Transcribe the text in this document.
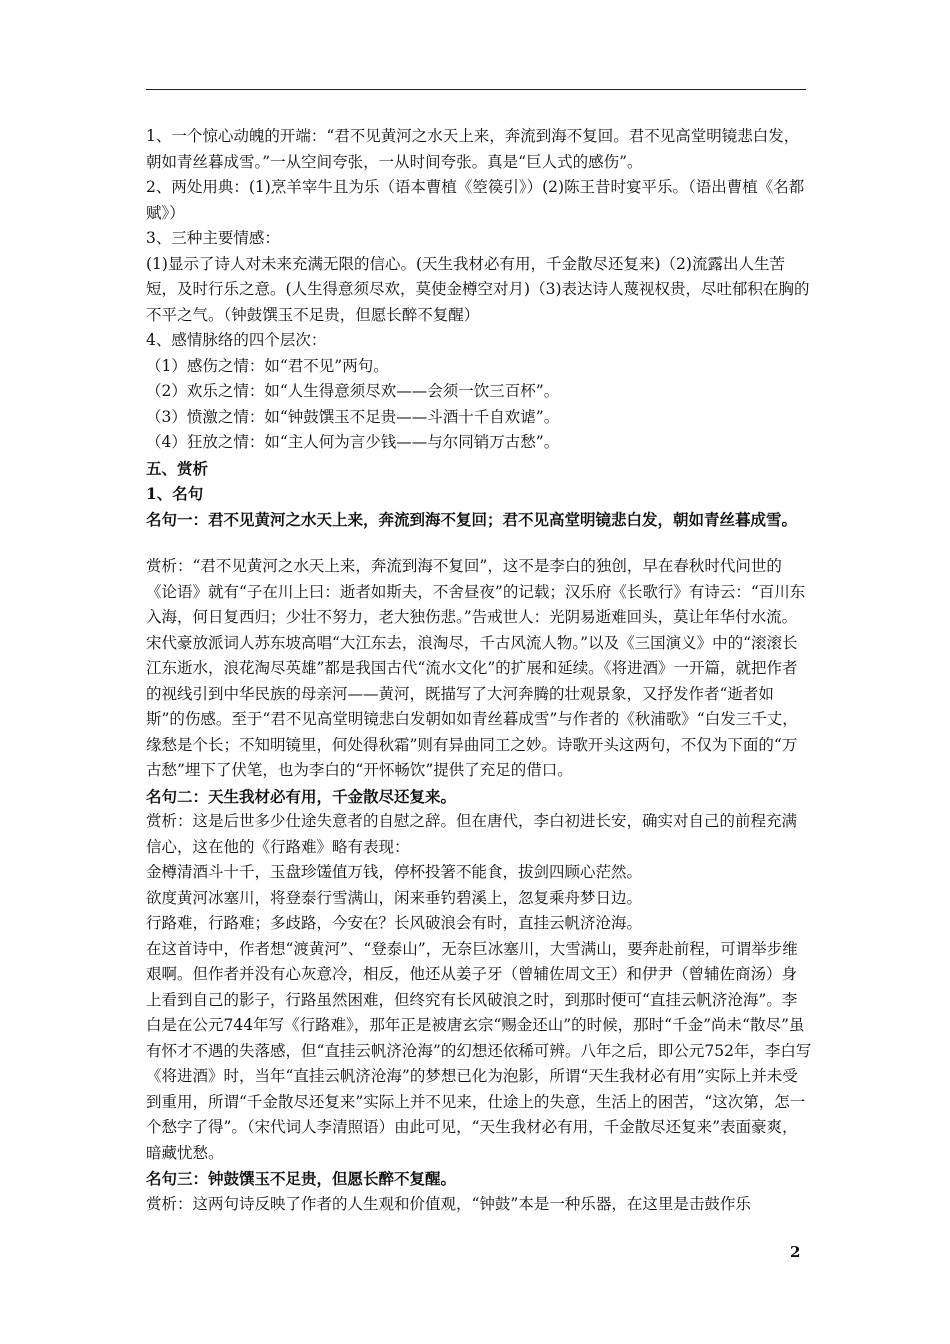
1、一个惊心动魄的开端：“君不见黄河之水天上来，奔流到海不复回。君不见高堂明镜悲白发，朝如青丝暮成雪。”一从空间夸张，一从时间夸张。真是“巨人式的感伤”。

2、两处用典：(1)烹羊宰牛且为乐（语本曹植《箜篌引》）(2)陈王昔时宴平乐。（语出曹植《名都赋》）

3、三种主要情感：

(1)显示了诗人对未来充满无限的信心。(天生我材必有用，千金散尽还复来)（2)流露出人生苦短，及时行乐之意。(人生得意须尽欢，莫使金樽空对月)（3)表达诗人蔑视权贵，尽吐郁积在胸的不平之气。（钟鼓馔玉不足贵，但愿长醉不复醒）

4、感情脉络的四个层次：

（1）感伤之情：如“君不见”两句。

（2）欢乐之情：如“人生得意须尽欢——会须一饮三百杯”。

（3）愤激之情：如“钟鼓馔玉不足贵——斗酒十千自欢谑”。

（4）狂放之情：如“主人何为言少钱——与尔同销万古愁”。

五、赏析

1、名句

名句一：君不见黄河之水天上来，奔流到海不复回；君不见高堂明镜悲白发，朝如青丝暮成雪。

赏析：“君不见黄河之水天上来，奔流到海不复回”，这不是李白的独创，早在春秋时代问世的《论语》就有“子在川上曰：逝者如斯夫，不舍昼夜”的记载；汉乐府《长歌行》有诗云：“百川东入海，何日复西归；少壮不努力，老大独伤悲。”告戒世人：光阴易逝难回头，莫让年华付水流。宋代豪放派词人苏东坡高唱“大江东去，浪淘尽，千古风流人物。”以及《三国演义》中的“滚滚长江东逝水，浪花淘尽英雄”都是我国古代“流水文化”的扩展和延续。《将进酒》一开篇，就把作者的视线引到中华民族的母亲河——黄河，既描写了大河奔腾的壮观景象，又抒发作者“逝者如斯”的伤感。至于“君不见高堂明镜悲白发朝如如青丝暮成雪”与作者的《秋浦歌》“白发三千丈，缘愁是个长；不知明镜里，何处得秋霜”则有异曲同工之妙。诗歌开头这两句，不仅为下面的“万古愁”埋下了伏笔，也为李白的“开怀畅饮”提供了充足的借口。

名句二：天生我材必有用，千金散尽还复来。

赏析：这是后世多少仕途失意者的自慰之辞。但在唐代，李白初进长安，确实对自己的前程充满信心，这在他的《行路难》略有表现：

金樽清酒斗十千，玉盘珍馐值万钱，停杯投箸不能食，拔剑四顾心茫然。

欲度黄河冰塞川，将登泰行雪满山，闲来垂钓碧溪上，忽复乘舟梦日边。

行路难，行路难；多歧路，今安在？长风破浪会有时，直挂云帆济沧海。

在这首诗中，作者想“渡黄河”、“登泰山”，无奈巨冰塞川，大雪满山，要奔赴前程，可谓举步维艰啊。但作者并没有心灰意冷，相反，他还从姜子牙（曾辅佐周文王）和伊尹（曾辅佐商汤）身上看到自己的影子，行路虽然困难，但终究有长风破浪之时，到那时便可“直挂云帆济沧海”。李白是在公元744年写《行路难》，那年正是被唐玄宗“赐金还山”的时候，那时“千金”尚未“散尽”虽有怀才不遇的失落感，但“直挂云帆济沧海”的幻想还依稀可辨。八年之后，即公元752年，李白写《将进酒》时，当年“直挂云帆济沧海”的梦想已化为泡影，所谓“天生我材必有用”实际上并未受到重用，所谓“千金散尽还复来”实际上并不见来，仕途上的失意，生活上的困苦，“这次第，怎一个愁字了得”。（宋代词人李清照语）由此可见，“天生我材必有用，千金散尽还复来”表面豪爽，暗藏忧愁。

名句三：钟鼓馔玉不足贵，但愿长醉不复醒。

赏析：这两句诗反映了作者的人生观和价值观，“钟鼓”本是一种乐器，在这里是击鼓作乐

2
